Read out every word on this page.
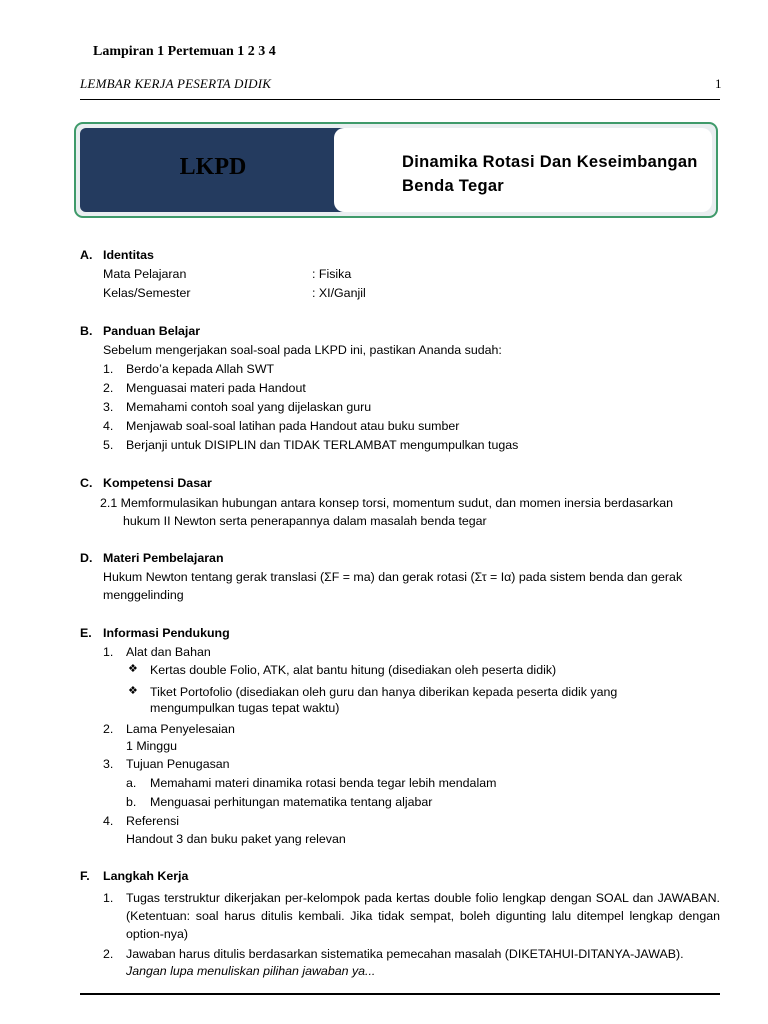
Lampiran 1 Pertemuan 1 2 3 4
LEMBAR KERJA PESERTA DIDIK	1
LKPD	Dinamika Rotasi Dan Keseimbangan
Benda Tegar
A. Identitas
Mata Pelajaran	: Fisika
Kelas/Semester	: XI/Ganjil
B. Panduan Belajar
Sebelum mengerjakan soal-soal pada LKPD ini, pastikan Ananda sudah:
1. Berdo’a kepada Allah SWT
2. Menguasai materi pada Handout
3. Memahami contoh soal yang dijelaskan guru
4. Menjawab soal-soal latihan pada Handout atau buku sumber
5. Berjanji untuk DISIPLIN dan TIDAK TERLAMBAT mengumpulkan tugas
C. Kompetensi Dasar
2.1 Memformulasikan hubungan antara konsep torsi, momentum sudut, dan momen inersia berdasarkan
hukum II Newton serta penerapannya dalam masalah benda tegar
D. Materi Pembelajaran
Hukum Newton tentang gerak translasi (ΣF = ma) dan gerak rotasi (Στ = Iα) pada sistem benda dan gerak
menggelinding
E. Informasi Pendukung
1. Alat dan Bahan
❖ Kertas double Folio, ATK, alat bantu hitung (disediakan oleh peserta didik)
❖ Tiket Portofolio (disediakan oleh guru dan hanya diberikan kepada peserta didik yang
mengumpulkan tugas tepat waktu)
2. Lama Penyelesaian
1 Minggu
3. Tujuan Penugasan
a. Memahami materi dinamika rotasi benda tegar lebih mendalam
b. Menguasai perhitungan matematika tentang aljabar
4. Referensi
Handout 3 dan buku paket yang relevan
F. Langkah Kerja
1. Tugas terstruktur dikerjakan per-kelompok pada kertas double folio lengkap dengan SOAL dan JAWABAN. (Ketentuan: soal harus ditulis kembali. Jika tidak sempat, boleh digunting lalu ditempel lengkap dengan option-nya)
2. Jawaban harus ditulis berdasarkan sistematika pemecahan masalah (DIKETAHUI-DITANYA-JAWAB).
Jangan lupa menuliskan pilihan jawaban ya...
